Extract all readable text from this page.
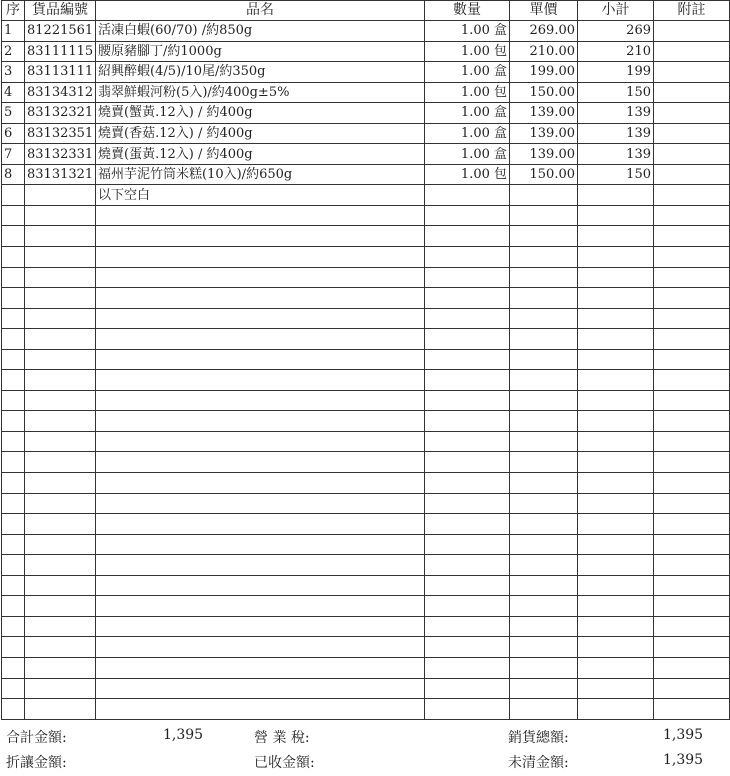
序	貨品編號	品名	數量	單價	小計	附註
1	81221561	活凍白蝦(60/70) /約850g	1.00 盒	269.00	269	
2	83111115	腰原豬腳丁/約1000g	1.00 包	210.00	210	
3	83113111	紹興醉蝦(4/5)/10尾/約350g	1.00 盒	199.00	199	
4	83134312	翡翠鮮蝦河粉(5入)/約400g±5%	1.00 包	150.00	150	
5	83132321	燒賣(蟹黃.12入) / 約400g	1.00 盒	139.00	139	
6	83132351	燒賣(香菇.12入) / 約400g	1.00 盒	139.00	139	
7	83132331	燒賣(蛋黃.12入) / 約400g	1.00 盒	139.00	139	
8	83131321	福州芋泥竹筒米糕(10入)/約650g	1.00 包	150.00	150	
		以下空白				

合計金額:	1,395	營 業 稅:	銷貨總額:	1,395
折讓金額:	已收金額:	未清金額:	1,395
